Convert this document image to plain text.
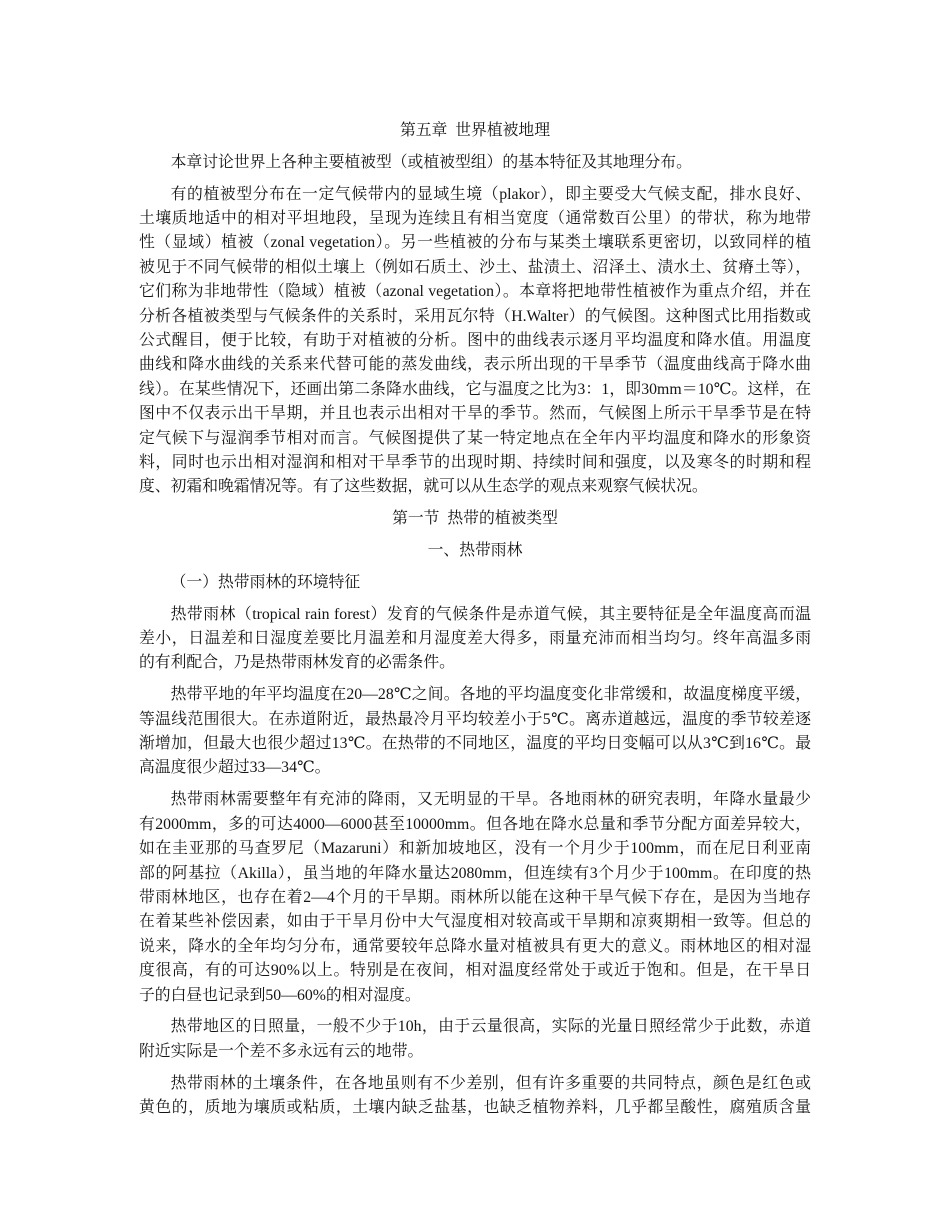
第五章  世界植被地理
本章讨论世界上各种主要植被型（或植被型组）的基本特征及其地理分布。
有的植被型分布在一定气候带内的显域生境（plakor），即主要受大气候支配，排水良好、
土壤质地适中的相对平坦地段，呈现为连续且有相当宽度（通常数百公里）的带状，称为地带
性（显域）植被（zonal vegetation）。另一些植被的分布与某类土壤联系更密切，以致同样的植
被见于不同气候带的相似土壤上（例如石质土、沙土、盐渍土、沼泽土、渍水土、贫瘠土等），
它们称为非地带性（隐域）植被（azonal vegetation）。本章将把地带性植被作为重点介绍，并在
分析各植被类型与气候条件的关系时，采用瓦尔特（H.Walter）的气候图。这种图式比用指数或
公式醒目，便于比较，有助于对植被的分析。图中的曲线表示逐月平均温度和降水值。用温度
曲线和降水曲线的关系来代替可能的蒸发曲线，表示所出现的干旱季节（温度曲线高于降水曲
线）。在某些情况下，还画出第二条降水曲线，它与温度之比为3：1，即30mm＝10℃。这样，在
图中不仅表示出干旱期，并且也表示出相对干旱的季节。然而，气候图上所示干旱季节是在特
定气候下与湿润季节相对而言。气候图提供了某一特定地点在全年内平均温度和降水的形象资
料，同时也示出相对湿润和相对干旱季节的出现时期、持续时间和强度，以及寒冬的时期和程
度、初霜和晚霜情况等。有了这些数据，就可以从生态学的观点来观察气候状况。
第一节  热带的植被类型
一、热带雨林
（一）热带雨林的环境特征
热带雨林（tropical rain forest）发育的气候条件是赤道气候，其主要特征是全年温度高而温
差小，日温差和日湿度差要比月温差和月湿度差大得多，雨量充沛而相当均匀。终年高温多雨
的有利配合，乃是热带雨林发育的必需条件。
热带平地的年平均温度在20—28℃之间。各地的平均温度变化非常缓和，故温度梯度平缓，
等温线范围很大。在赤道附近，最热最冷月平均较差小于5℃。离赤道越远，温度的季节较差逐
渐增加，但最大也很少超过13℃。在热带的不同地区，温度的平均日变幅可以从3℃到16℃。最
高温度很少超过33—34℃。
热带雨林需要整年有充沛的降雨，又无明显的干旱。各地雨林的研究表明，年降水量最少
有2000mm，多的可达4000—6000甚至10000mm。但各地在降水总量和季节分配方面差异较大，
如在圭亚那的马查罗尼（Mazaruni）和新加坡地区，没有一个月少于100mm，而在尼日利亚南
部的阿基拉（Akilla），虽当地的年降水量达2080mm，但连续有3个月少于100mm。在印度的热
带雨林地区，也存在着2—4个月的干旱期。雨林所以能在这种干旱气候下存在，是因为当地存
在着某些补偿因素，如由于干旱月份中大气湿度相对较高或干旱期和凉爽期相一致等。但总的
说来，降水的全年均匀分布，通常要较年总降水量对植被具有更大的意义。雨林地区的相对湿
度很高，有的可达90%以上。特别是在夜间，相对温度经常处于或近于饱和。但是，在干旱日
子的白昼也记录到50—60%的相对湿度。
热带地区的日照量，一般不少于10h，由于云量很高，实际的光量日照经常少于此数，赤道
附近实际是一个差不多永远有云的地带。
热带雨林的土壤条件，在各地虽则有不少差别，但有许多重要的共同特点，颜色是红色或
黄色的，质地为壤质或粘质，土壤内缺乏盐基，也缺乏植物养料，几乎都呈酸性，腐殖质含量
